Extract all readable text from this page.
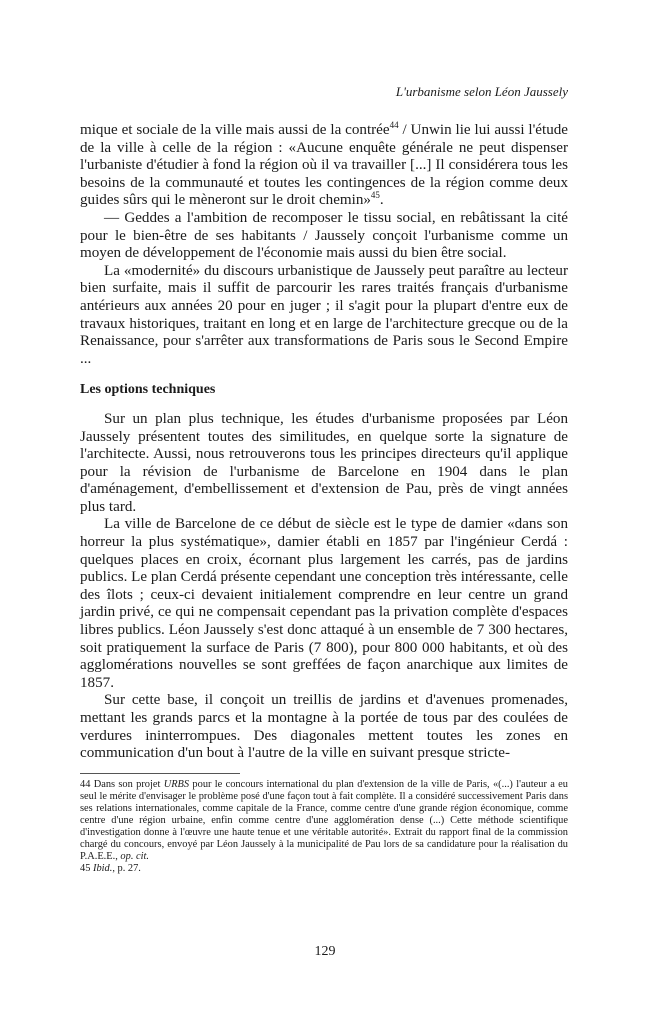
L'urbanisme selon Léon Jaussely

mique et sociale de la ville mais aussi de la contrée$^{44}$ / Unwin lie lui aussi l'étude de la ville à celle de la région : «Aucune enquête générale ne peut dispenser l'urbaniste d'étudier à fond la région où il va travailler [...] Il considérera tous les besoins de la communauté et toutes les contingences de la région comme deux guides sûrs qui le mèneront sur le droit chemin»$^{45}$.

— Geddes a l'ambition de recomposer le tissu social, en rebâtissant la cité pour le bien-être de ses habitants / Jaussely conçoit l'urbanisme comme un moyen de développement de l'économie mais aussi du bien être social.

La «modernité» du discours urbanistique de Jaussely peut paraître au lecteur bien surfaite, mais il suffit de parcourir les rares traités français d'urbanisme antérieurs aux années 20 pour en juger ; il s'agit pour la plupart d'entre eux de travaux historiques, traitant en long et en large de l'architecture grecque ou de la Renaissance, pour s'arrêter aux transformations de Paris sous le Second Empire ...

Les options techniques

Sur un plan plus technique, les études d'urbanisme proposées par Léon Jaussely présentent toutes des similitudes, en quelque sorte la signature de l'architecte. Aussi, nous retrouverons tous les principes directeurs qu'il applique pour la révision de l'urbanisme de Barcelone en 1904 dans le plan d'aménagement, d'embellissement et d'extension de Pau, près de vingt années plus tard.

La ville de Barcelone de ce début de siècle est le type de damier «dans son horreur la plus systématique», damier établi en 1857 par l'ingénieur Cerdá : quelques places en croix, écornant plus largement les carrés, pas de jardins publics. Le plan Cerdá présente cependant une conception très intéressante, celle des îlots ; ceux-ci devaient initialement comprendre en leur centre un grand jardin privé, ce qui ne compensait cependant pas la privation complète d'espaces libres publics. Léon Jaussely s'est donc attaqué à un ensemble de 7 300 hectares, soit pratiquement la surface de Paris (7 800), pour 800 000 habitants, et où des agglomérations nouvelles se sont greffées de façon anarchique aux limites de 1857.

Sur cette base, il conçoit un treillis de jardins et d'avenues promenades, mettant les grands parcs et la montagne à la portée de tous par des coulées de verdures ininterrompues. Des diagonales mettent toutes les zones en communication d'un bout à l'autre de la ville en suivant presque stricte-

44 Dans son projet URBS pour le concours international du plan d'extension de la ville de Paris, «(...) l'auteur a eu seul le mérite d'envisager le problème posé d'une façon tout à fait complète. Il a considéré successivement Paris dans ses relations internationales, comme capitale de la France, comme centre d'une grande région économique, comme centre d'une région urbaine, enfin comme centre d'une agglomération dense (...) Cette méthode scientifique d'investigation donne à l'œuvre une haute tenue et une véritable autorité». Extrait du rapport final de la commission chargé du concours, envoyé par Léon Jaussely à la municipalité de Pau lors de sa candidature pour la réalisation du P.A.E.E., op. cit.

45 Ibid., p. 27.

129
